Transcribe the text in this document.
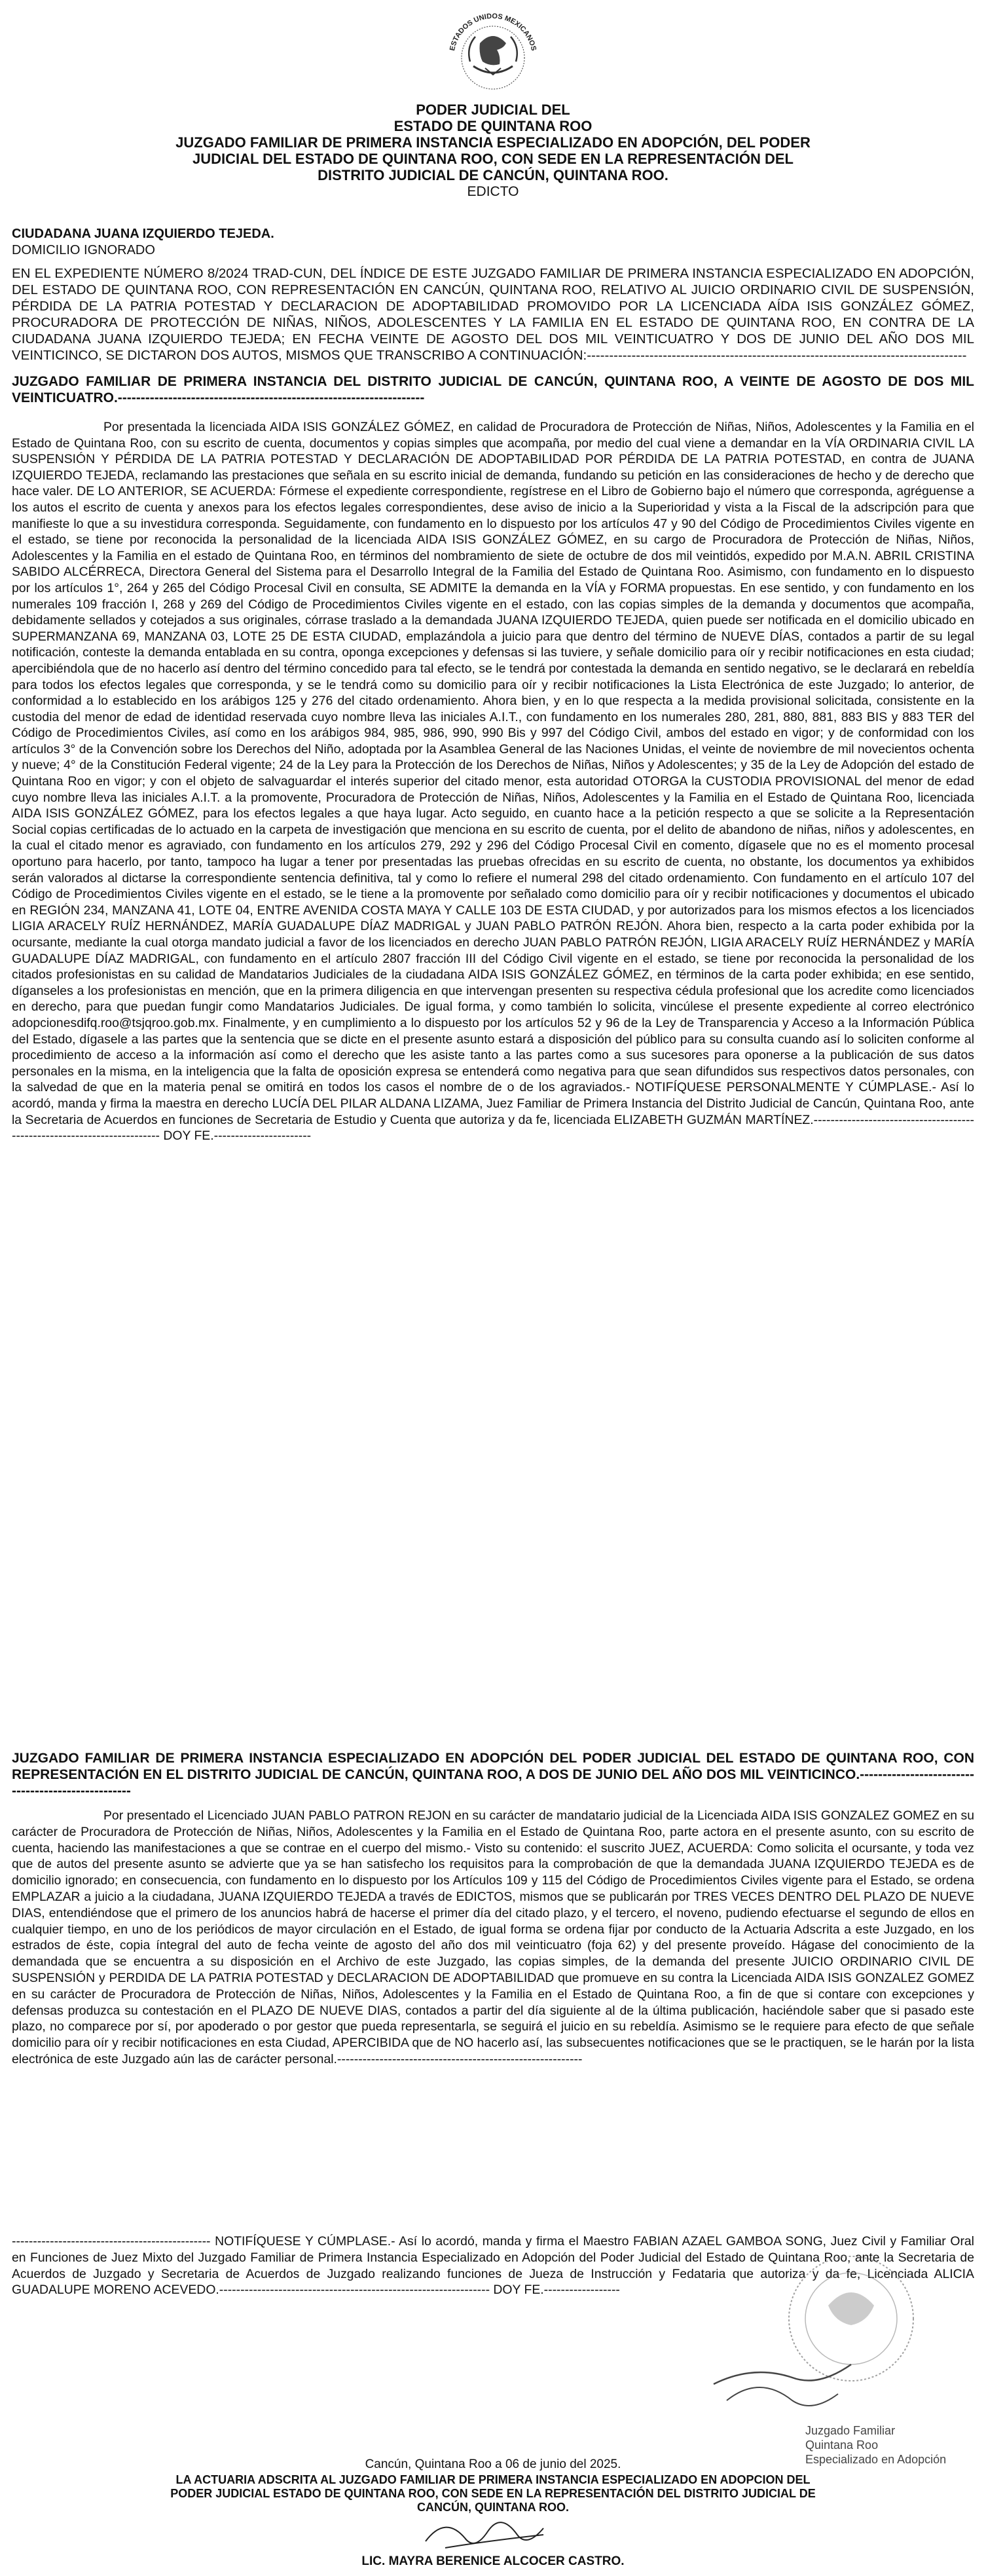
ESTADOS UNIDOS MEXICANOS
PODER JUDICIAL DEL
ESTADO DE QUINTANA ROO
JUZGADO FAMILIAR DE PRIMERA INSTANCIA ESPECIALIZADO EN ADOPCIÓN, DEL PODER
JUDICIAL DEL ESTADO DE QUINTANA ROO, CON SEDE EN LA REPRESENTACIÓN DEL
DISTRITO JUDICIAL DE CANCÚN, QUINTANA ROO.
EDICTO
CIUDADANA JUANA IZQUIERDO TEJEDA.
DOMICILIO IGNORADO
EN EL EXPEDIENTE NÚMERO 8/2024 TRAD-CUN, DEL ÍNDICE DE ESTE JUZGADO FAMILIAR DE PRIMERA INSTANCIA ESPECIALIZADO EN ADOPCIÓN, DEL ESTADO DE QUINTANA ROO, CON REPRESENTACIÓN EN CANCÚN, QUINTANA ROO, RELATIVO AL JUICIO ORDINARIO CIVIL DE SUSPENSIÓN, PÉRDIDA DE LA PATRIA POTESTAD Y DECLARACION DE ADOPTABILIDAD PROMOVIDO POR LA LICENCIADA AÍDA ISIS GONZÁLEZ GÓMEZ, PROCURADORA DE PROTECCIÓN DE NIÑAS, NIÑOS, ADOLESCENTES Y LA FAMILIA EN EL ESTADO DE QUINTANA ROO, EN CONTRA DE LA CIUDADANA JUANA IZQUIERDO TEJEDA; EN FECHA VEINTE DE AGOSTO DEL DOS MIL VEINTICUATRO Y DOS DE JUNIO DEL AÑO DOS MIL VEINTICINCO, SE DICTARON DOS AUTOS, MISMOS QUE TRANSCRIBO A CONTINUACIÓN:-------------------------------------------------------------------------------------
JUZGADO FAMILIAR DE PRIMERA INSTANCIA DEL DISTRITO JUDICIAL DE CANCÚN, QUINTANA ROO, A VEINTE DE AGOSTO DE DOS MIL VEINTICUATRO.-------------------------------------------------------------------
Por presentada la licenciada AIDA ISIS GONZÁLEZ GÓMEZ, en calidad de Procuradora de Protección de Niñas, Niños, Adolescentes y la Familia en el Estado de Quintana Roo, con su escrito de cuenta, documentos y copias simples que acompaña, por medio del cual viene a demandar en la VÍA ORDINARIA CIVIL LA SUSPENSIÓN Y PÉRDIDA DE LA PATRIA POTESTAD Y DECLARACIÓN DE ADOPTABILIDAD POR PÉRDIDA DE LA PATRIA POTESTAD, en contra de JUANA IZQUIERDO TEJEDA, reclamando las prestaciones que señala en su escrito inicial de demanda, fundando su petición en las consideraciones de hecho y de derecho que hace valer. DE LO ANTERIOR, SE ACUERDA: Fórmese el expediente correspondiente, regístrese en el Libro de Gobierno bajo el número que corresponda, agréguense a los autos el escrito de cuenta y anexos para los efectos legales correspondientes, dese aviso de inicio a la Superioridad y vista a la Fiscal de la adscripción para que manifieste lo que a su investidura corresponda. Seguidamente, con fundamento en lo dispuesto por los artículos 47 y 90 del Código de Procedimientos Civiles vigente en el estado, se tiene por reconocida la personalidad de la licenciada AIDA ISIS GONZÁLEZ GÓMEZ, en su cargo de Procuradora de Protección de Niñas, Niños, Adolescentes y la Familia en el estado de Quintana Roo, en términos del nombramiento de siete de octubre de dos mil veintidós, expedido por M.A.N. ABRIL CRISTINA SABIDO ALCÉRRECA, Directora General del Sistema para el Desarrollo Integral de la Familia del Estado de Quintana Roo. Asimismo, con fundamento en lo dispuesto por los artículos 1°, 264 y 265 del Código Procesal Civil en consulta, SE ADMITE la demanda en la VÍA y FORMA propuestas. En ese sentido, y con fundamento en los numerales 109 fracción I, 268 y 269 del Código de Procedimientos Civiles vigente en el estado, con las copias simples de la demanda y documentos que acompaña, debidamente sellados y cotejados a sus originales, córrase traslado a la demandada JUANA IZQUIERDO TEJEDA, quien puede ser notificada en el domicilio ubicado en SUPERMANZANA 69, MANZANA 03, LOTE 25 DE ESTA CIUDAD, emplazándola a juicio para que dentro del término de NUEVE DÍAS, contados a partir de su legal notificación, conteste la demanda entablada en su contra, oponga excepciones y defensas si las tuviere, y señale domicilio para oír y recibir notificaciones en esta ciudad; apercibiéndola que de no hacerlo así dentro del término concedido para tal efecto, se le tendrá por contestada la demanda en sentido negativo, se le declarará en rebeldía para todos los efectos legales que corresponda, y se le tendrá como su domicilio para oír y recibir notificaciones la Lista Electrónica de este Juzgado; lo anterior, de conformidad a lo establecido en los arábigos 125 y 276 del citado ordenamiento. Ahora bien, y en lo que respecta a la medida provisional solicitada, consistente en la custodia del menor de edad de identidad reservada cuyo nombre lleva las iniciales A.I.T., con fundamento en los numerales 280, 281, 880, 881, 883 BIS y 883 TER del Código de Procedimientos Civiles, así como en los arábigos 984, 985, 986, 990, 990 Bis y 997 del Código Civil, ambos del estado en vigor; y de conformidad con los artículos 3° de la Convención sobre los Derechos del Niño, adoptada por la Asamblea General de las Naciones Unidas, el veinte de noviembre de mil novecientos ochenta y nueve; 4° de la Constitución Federal vigente; 24 de la Ley para la Protección de los Derechos de Niñas, Niños y Adolescentes; y 35 de la Ley de Adopción del estado de Quintana Roo en vigor; y con el objeto de salvaguardar el interés superior del citado menor, esta autoridad OTORGA la CUSTODIA PROVISIONAL del menor de edad cuyo nombre lleva las iniciales A.I.T. a la promovente, Procuradora de Protección de Niñas, Niños, Adolescentes y la Familia en el Estado de Quintana Roo, licenciada AIDA ISIS GONZÁLEZ GÓMEZ, para los efectos legales a que haya lugar. Acto seguido, en cuanto hace a la petición respecto a que se solicite a la Representación Social copias certificadas de lo actuado en la carpeta de investigación que menciona en su escrito de cuenta, por el delito de abandono de niñas, niños y adolescentes, en la cual el citado menor es agraviado, con fundamento en los artículos 279, 292 y 296 del Código Procesal Civil en comento, dígasele que no es el momento procesal oportuno para hacerlo, por tanto, tampoco ha lugar a tener por presentadas las pruebas ofrecidas en su escrito de cuenta, no obstante, los documentos ya exhibidos serán valorados al dictarse la correspondiente sentencia definitiva, tal y como lo refiere el numeral 298 del citado ordenamiento. Con fundamento en el artículo 107 del Código de Procedimientos Civiles vigente en el estado, se le tiene a la promovente por señalado como domicilio para oír y recibir notificaciones y documentos el ubicado en REGIÓN 234, MANZANA 41, LOTE 04, ENTRE AVENIDA COSTA MAYA Y CALLE 103 DE ESTA CIUDAD, y por autorizados para los mismos efectos a los licenciados LIGIA ARACELY RUÍZ HERNÁNDEZ, MARÍA GUADALUPE DÍAZ MADRIGAL y JUAN PABLO PATRÓN REJÓN. Ahora bien, respecto a la carta poder exhibida por la ocursante, mediante la cual otorga mandato judicial a favor de los licenciados en derecho JUAN PABLO PATRÓN REJÓN, LIGIA ARACELY RUÍZ HERNÁNDEZ y MARÍA GUADALUPE DÍAZ MADRIGAL, con fundamento en el artículo 2807 fracción III del Código Civil vigente en el estado, se tiene por reconocida la personalidad de los citados profesionistas en su calidad de Mandatarios Judiciales de la ciudadana AIDA ISIS GONZÁLEZ GÓMEZ, en términos de la carta poder exhibida; en ese sentido, díganseles a los profesionistas en mención, que en la primera diligencia en que intervengan presenten su respectiva cédula profesional que los acredite como licenciados en derecho, para que puedan fungir como Mandatarios Judiciales. De igual forma, y como también lo solicita, vincúlese el presente expediente al correo electrónico adopcionesdifq.roo@tsjqroo.gob.mx. Finalmente, y en cumplimiento a lo dispuesto por los artículos 52 y 96 de la Ley de Transparencia y Acceso a la Información Pública del Estado, dígasele a las partes que la sentencia que se dicte en el presente asunto estará a disposición del público para su consulta cuando así lo soliciten conforme al procedimiento de acceso a la información así como el derecho que les asiste tanto a las partes como a sus sucesores para oponerse a la publicación de sus datos personales en la misma, en la inteligencia que la falta de oposición expresa se entenderá como negativa para que sean difundidos sus respectivos datos personales, con la salvedad de que en la materia penal se omitirá en todos los casos el nombre de o de los agraviados.- NOTIFÍQUESE PERSONALMENTE Y CÚMPLASE.- Así lo acordó, manda y firma la maestra en derecho LUCÍA DEL PILAR ALDANA LIZAMA, Juez Familiar de Primera Instancia del Distrito Judicial de Cancún, Quintana Roo, ante la Secretaria de Acuerdos en funciones de Secretaria de Estudio y Cuenta que autoriza y da fe, licenciada ELIZABETH GUZMÁN MARTÍNEZ.------------------------------------------------------------------------- DOY FE.-----------------------
JUZGADO FAMILIAR DE PRIMERA INSTANCIA ESPECIALIZADO EN ADOPCIÓN DEL PODER JUDICIAL DEL ESTADO DE QUINTANA ROO, CON REPRESENTACIÓN EN EL DISTRITO JUDICIAL DE CANCÚN, QUINTANA ROO, A DOS DE JUNIO DEL AÑO DOS MIL VEINTICINCO.---------------------------------------------------
Por presentado el Licenciado JUAN PABLO PATRON REJON en su carácter de mandatario judicial de la Licenciada AIDA ISIS GONZALEZ GOMEZ en su carácter de Procuradora de Protección de Niñas, Niños, Adolescentes y la Familia en el Estado de Quintana Roo, parte actora en el presente asunto, con su escrito de cuenta, haciendo las manifestaciones a que se contrae en el cuerpo del mismo.- Visto su contenido: el suscrito JUEZ, ACUERDA: Como solicita el ocursante, y toda vez que de autos del presente asunto se advierte que ya se han satisfecho los requisitos para la comprobación de que la demandada JUANA IZQUIERDO TEJEDA es de domicilio ignorado; en consecuencia, con fundamento en lo dispuesto por los Artículos 109 y 115 del Código de Procedimientos Civiles vigente para el Estado, se ordena EMPLAZAR a juicio a la ciudadana, JUANA IZQUIERDO TEJEDA a través de EDICTOS, mismos que se publicarán por TRES VECES DENTRO DEL PLAZO DE NUEVE DIAS, entendiéndose que el primero de los anuncios habrá de hacerse el primer día del citado plazo, y el tercero, el noveno, pudiendo efectuarse el segundo de ellos en cualquier tiempo, en uno de los periódicos de mayor circulación en el Estado, de igual forma se ordena fijar por conducto de la Actuaria Adscrita a este Juzgado, en los estrados de éste, copia íntegral del auto de fecha veinte de agosto del año dos mil veinticuatro (foja 62) y del presente proveído. Hágase del conocimiento de la demandada que se encuentra a su disposición en el Archivo de este Juzgado, las copias simples, de la demanda del presente JUICIO ORDINARIO CIVIL DE SUSPENSIÓN y PERDIDA DE LA PATRIA POTESTAD y DECLARACION DE ADOPTABILIDAD que promueve en su contra la Licenciada AIDA ISIS GONZALEZ GOMEZ en su carácter de Procuradora de Protección de Niñas, Niños, Adolescentes y la Familia en el Estado de Quintana Roo, a fin de que si contare con excepciones y defensas produzca su contestación en el PLAZO DE NUEVE DIAS, contados a partir del día siguiente al de la última publicación, haciéndole saber que si pasado este plazo, no comparece por sí, por apoderado o por gestor que pueda representarla, se seguirá el juicio en su rebeldía. Asimismo se le requiere para efecto de que señale domicilio para oír y recibir notificaciones en esta Ciudad, APERCIBIDA que de NO hacerlo así, las subsecuentes notificaciones que se le practiquen, se le harán por la lista electrónica de este Juzgado aún las de carácter personal.----------------------------------------------------------
----------------------------------------------- NOTIFÍQUESE Y CÚMPLASE.- Así lo acordó, manda y firma el Maestro FABIAN AZAEL GAMBOA SONG, Juez Civil y Familiar Oral en Funciones de Juez Mixto del Juzgado Familiar de Primera Instancia Especializado en Adopción del Poder Judicial del Estado de Quintana Roo, ante la Secretaria de Acuerdos de Juzgado y Secretaria de Acuerdos de Juzgado realizando funciones de Jueza de Instrucción y Fedataria que autoriza y da fe, Licenciada ALICIA GUADALUPE MORENO ACEVEDO.---------------------------------------------------------------- DOY FE.------------------
Juzgado Familiar
Quintana Roo
Especializado en Adopción
Cancún, Quintana Roo a 06 de junio del 2025.
LA ACTUARIA ADSCRITA AL JUZGADO FAMILIAR DE PRIMERA INSTANCIA ESPECIALIZADO EN ADOPCION DEL
PODER JUDICIAL ESTADO DE QUINTANA ROO, CON SEDE EN LA REPRESENTACIÓN DEL DISTRITO JUDICIAL DE
CANCÚN, QUINTANA ROO.
LIC. MAYRA BERENICE ALCOCER CASTRO.
